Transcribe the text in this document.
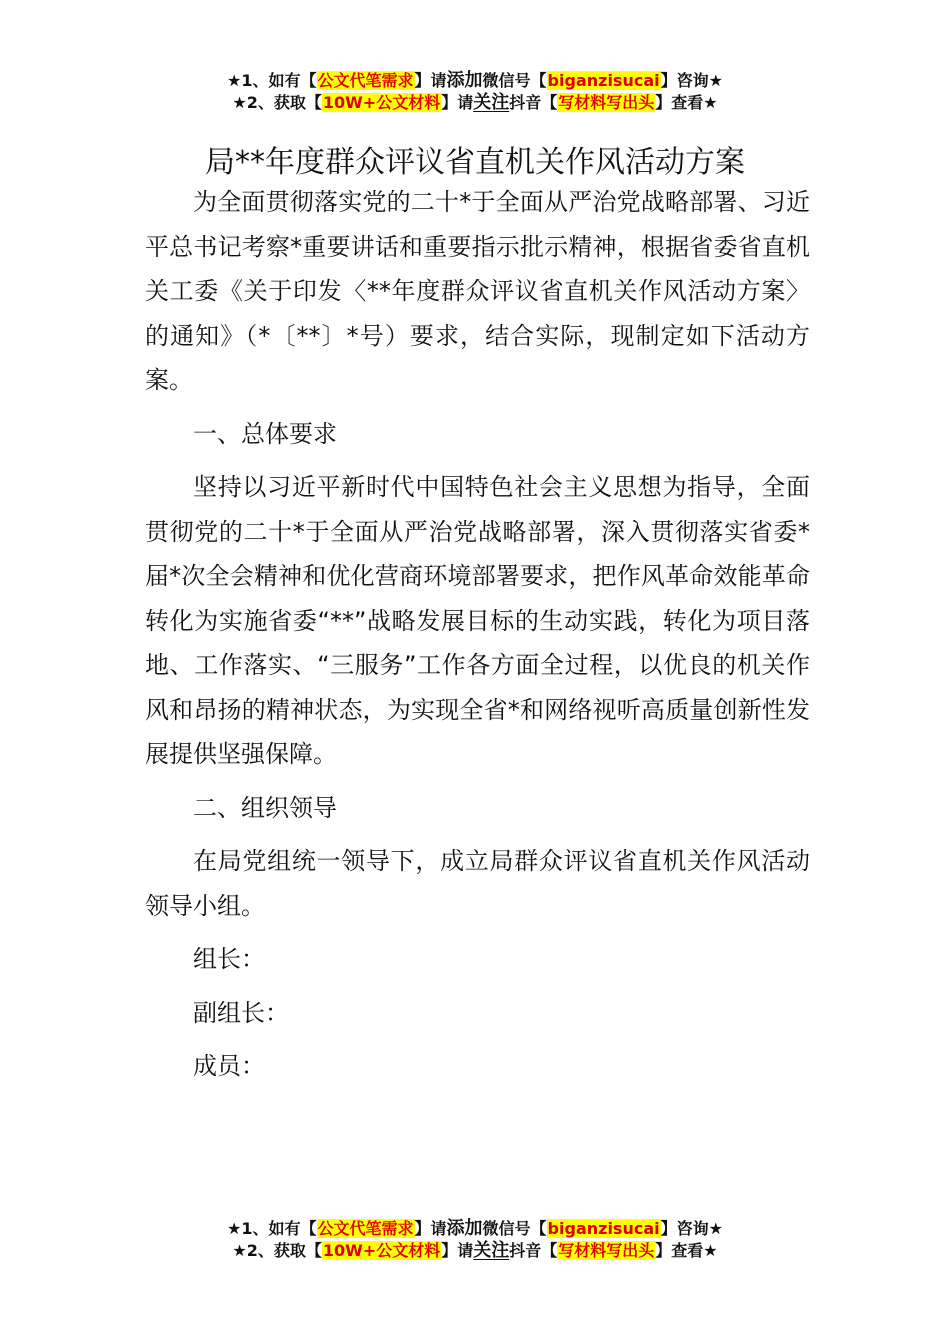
★1、如有【公文代笔需求】请添加微信号【biganzisucai】咨询★
★2、获取【10W+公文材料】请关注抖音【写材料写出头】查看★
局**年度群众评议省直机关作风活动方案

为全面贯彻落实党的二十*于全面从严治党战略部署、习近平总书记考察*重要讲话和重要指示批示精神，根据省委省直机关工委《关于印发〈**年度群众评议省直机关作风活动方案〉的通知》（*〔**〕*号）要求，结合实际，现制定如下活动方案。

一、总体要求

坚持以习近平新时代中国特色社会主义思想为指导，全面贯彻党的二十*于全面从严治党战略部署，深入贯彻落实省委*届*次全会精神和优化营商环境部署要求，把作风革命效能革命转化为实施省委“**”战略发展目标的生动实践，转化为项目落地、工作落实、“三服务”工作各方面全过程，以优良的机关作风和昂扬的精神状态，为实现全省*和网络视听高质量创新性发展提供坚强保障。

二、组织领导

在局党组统一领导下，成立局群众评议省直机关作风活动领导小组。

组长：

副组长：

成员：

★1、如有【公文代笔需求】请添加微信号【biganzisucai】咨询★
★2、获取【10W+公文材料】请关注抖音【写材料写出头】查看★
